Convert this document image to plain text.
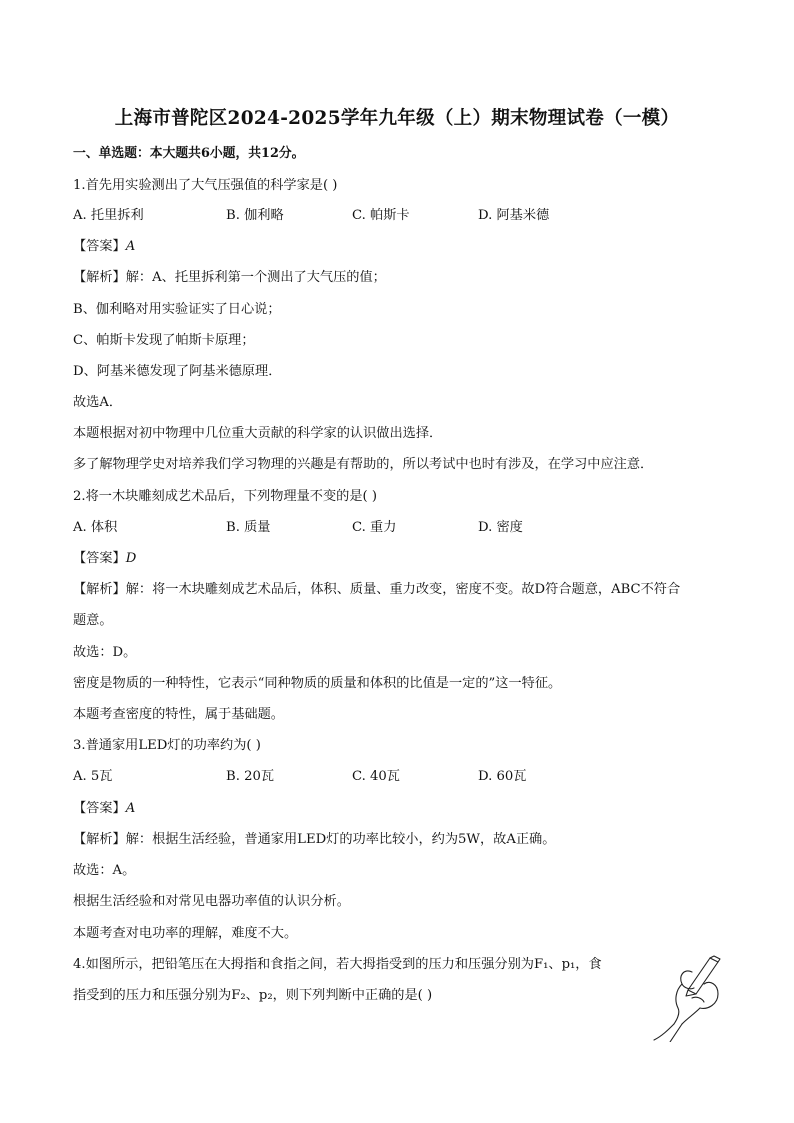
上海市普陀区2024-2025学年九年级（上）期末物理试卷（一模）
一、单选题：本大题共6小题，共12分。
1.首先用实验测出了大气压强值的科学家是( )
A. 托里拆利	B. 伽利略	C. 帕斯卡	D. 阿基米德
【答案】A
【解析】解：A、托里拆利第一个测出了大气压的值；
B、伽利略对用实验证实了日心说；
C、帕斯卡发现了帕斯卡原理；
D、阿基米德发现了阿基米德原理．
故选A．
本题根据对初中物理中几位重大贡献的科学家的认识做出选择．
多了解物理学史对培养我们学习物理的兴趣是有帮助的，所以考试中也时有涉及，在学习中应注意．
2.将一木块雕刻成艺术品后，下列物理量不变的是( )
A. 体积	B. 质量	C. 重力	D. 密度
【答案】D
【解析】解：将一木块雕刻成艺术品后，体积、质量、重力改变，密度不变。故D符合题意，ABC不符合
题意。
故选：D。
密度是物质的一种特性，它表示“同种物质的质量和体积的比值是一定的”这一特征。
本题考查密度的特性，属于基础题。
3.普通家用LED灯的功率约为( )
A. 5瓦	B. 20瓦	C. 40瓦	D. 60瓦
【答案】A
【解析】解：根据生活经验，普通家用LED灯的功率比较小，约为5W，故A正确。
故选：A。
根据生活经验和对常见电器功率值的认识分析。
本题考查对电功率的理解，难度不大。
4.如图所示，把铅笔压在大拇指和食指之间，若大拇指受到的压力和压强分别为F₁、p₁，食
指受到的压力和压强分别为F₂、p₂，则下列判断中正确的是( )
